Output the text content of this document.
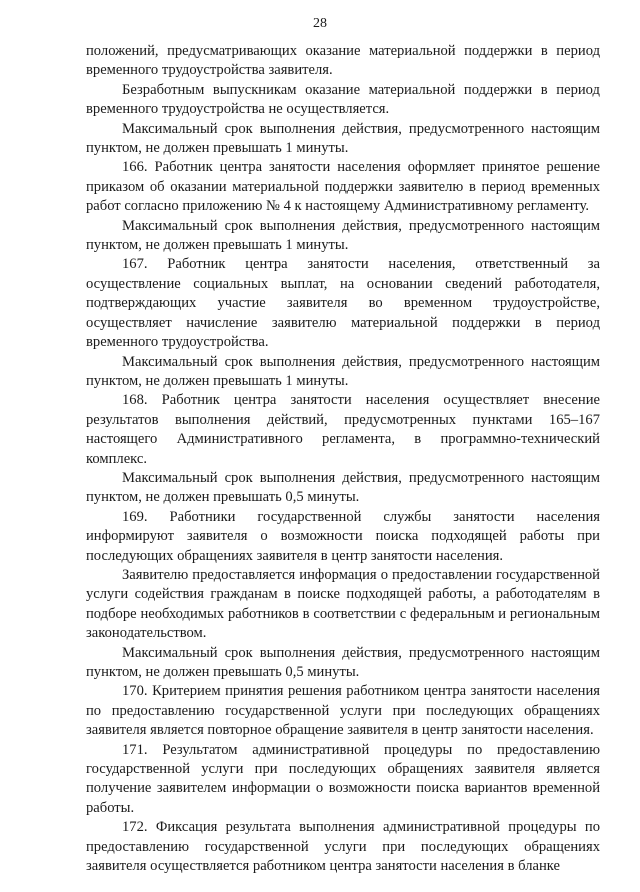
28

положений, предусматривающих оказание материальной поддержки в период временного трудоустройства заявителя.

Безработным выпускникам оказание материальной поддержки в период временного трудоустройства не осуществляется.

Максимальный срок выполнения действия, предусмотренного настоящим пунктом, не должен превышать 1 минуты.

166. Работник центра занятости населения оформляет принятое решение приказом об оказании материальной поддержки заявителю в период временных работ согласно приложению № 4 к настоящему Административному регламенту.

Максимальный срок выполнения действия, предусмотренного настоящим пунктом, не должен превышать 1 минуты.

167. Работник центра занятости населения, ответственный за осуществление социальных выплат, на основании сведений работодателя, подтверждающих участие заявителя во временном трудоустройстве, осуществляет начисление заявителю материальной поддержки в период временного трудоустройства.

Максимальный срок выполнения действия, предусмотренного настоящим пунктом, не должен превышать 1 минуты.

168. Работник центра занятости населения осуществляет внесение результатов выполнения действий, предусмотренных пунктами 165–167 настоящего Административного регламента, в программно-технический комплекс.

Максимальный срок выполнения действия, предусмотренного настоящим пунктом, не должен превышать 0,5 минуты.

169. Работники государственной службы занятости населения информируют заявителя о возможности поиска подходящей работы при последующих обращениях заявителя в центр занятости населения.

Заявителю предоставляется информация о предоставлении государственной услуги содействия гражданам в поиске подходящей работы, а работодателям в подборе необходимых работников в соответствии с федеральным и региональным законодательством.

Максимальный срок выполнения действия, предусмотренного настоящим пунктом, не должен превышать 0,5 минуты.

170. Критерием принятия решения работником центра занятости населения по предоставлению государственной услуги при последующих обращениях заявителя является повторное обращение заявителя в центр занятости населения.

171. Результатом административной процедуры по предоставлению государственной услуги при последующих обращениях заявителя является получение заявителем информации о возможности поиска вариантов временной работы.

172. Фиксация результата выполнения административной процедуры по предоставлению государственной услуги при последующих обращениях заявителя осуществляется работником центра занятости населения в бланке
